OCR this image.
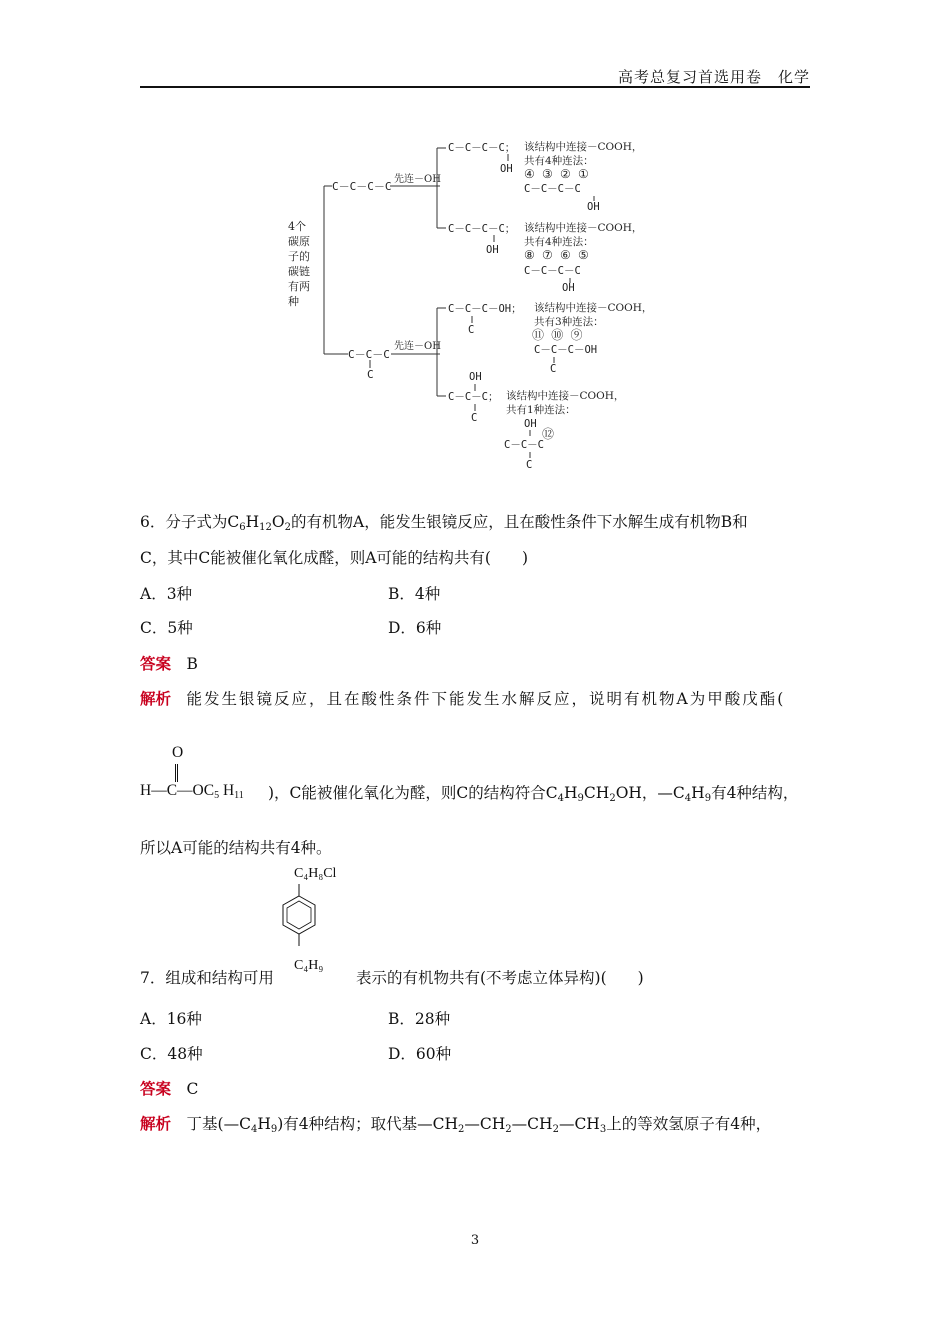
高考总复习首选用卷　化学
4个
碳原
子的
碳链
有两
种
C－C－C－C
先连－OH
C－C－C
C
先连－OH
C－C－C－C；
OH
该结构中连接－COOH，
共有4种连法：
④ ③ ② ①
C－C－C－C
OH
C－C－C－C；
OH
该结构中连接－COOH，
共有4种连法：
⑧ ⑦ ⑥ ⑤
C－C－C－C
OH
C－C－C－OH；
C
该结构中连接－COOH，
共有3种连法：
⑪ ⑩ ⑨
C－C－C－OH
C
OH
C－C－C；
C
该结构中连接－COOH，
共有1种连法：
OH
⑫
C－C－C
C
6．分子式为$C_6H_{12}O_2$的有机物A，能发生银镜反应，且在酸性条件下水解生成有机物B和
C，其中C能被催化氧化成醛，则A可能的结构共有(　　)
A．3种	B．4种
C．5种	D．6种
答案　 B
解析　 能发生银镜反应，且在酸性条件下能发生水解反应，说明有机物A为甲酸戊酯(
O
$H—C—OC_5$ $H_{11}$ )，C能被催化氧化为醛，则C的结构符合$C_4H_9CH_2OH$，$—C_4H_9$有4种结构，
所以A可能的结构共有4种。
C₄H₈Cl
C₄H₉
7．组成和结构可用	表示的有机物共有(不考虑立体异构)(　　)
A．16种	B．28种
C．48种	D．60种
答案　 C
解析　 丁基$(—C_4H_9)$有4种结构；取代基$—CH_2—CH_2—CH_2—CH_3$上的等效氢原子有4种，
3
